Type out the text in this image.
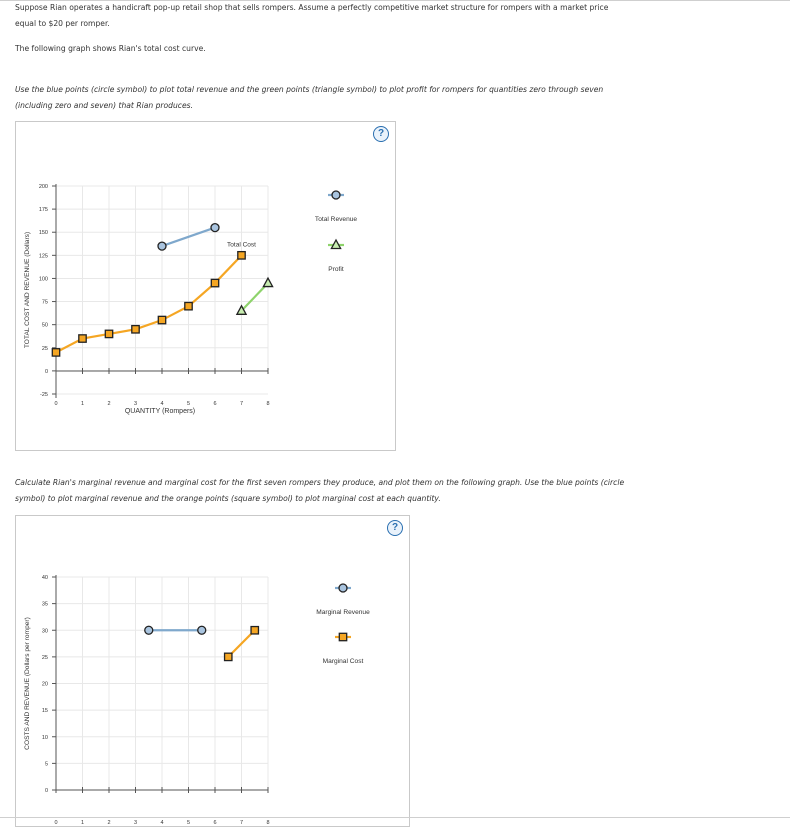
Suppose Rian operates a handicraft pop-up retail shop that sells rompers. Assume a perfectly competitive market structure for rompers with a market price equal to $20 per romper.

The following graph shows Rian's total cost curve.

Use the blue points (circle symbol) to plot total revenue and the green points (triangle symbol) to plot profit for rompers for quantities zero through seven (including zero and seven) that Rian produces.

?

Calculate Rian's marginal revenue and marginal cost for the first seven rompers they produce, and plot them on the following graph. Use the blue points (circle symbol) to plot marginal revenue and the orange points (square symbol) to plot marginal cost at each quantity.

?
-25
0
25
50
75
100
125
150
175
200
0	1	2	3	4	5	6	7	8
QUANTITY (Rompers)
TOTAL COST AND REVENUE (Dollars)	Total Cost
Total Revenue
Profit
0
5
10
15
20
25
30
35
40
0	1	2	3	4	5	6	7	8
COSTS AND REVENUE (Dollars per romper)
Marginal Revenue
Marginal Cost
